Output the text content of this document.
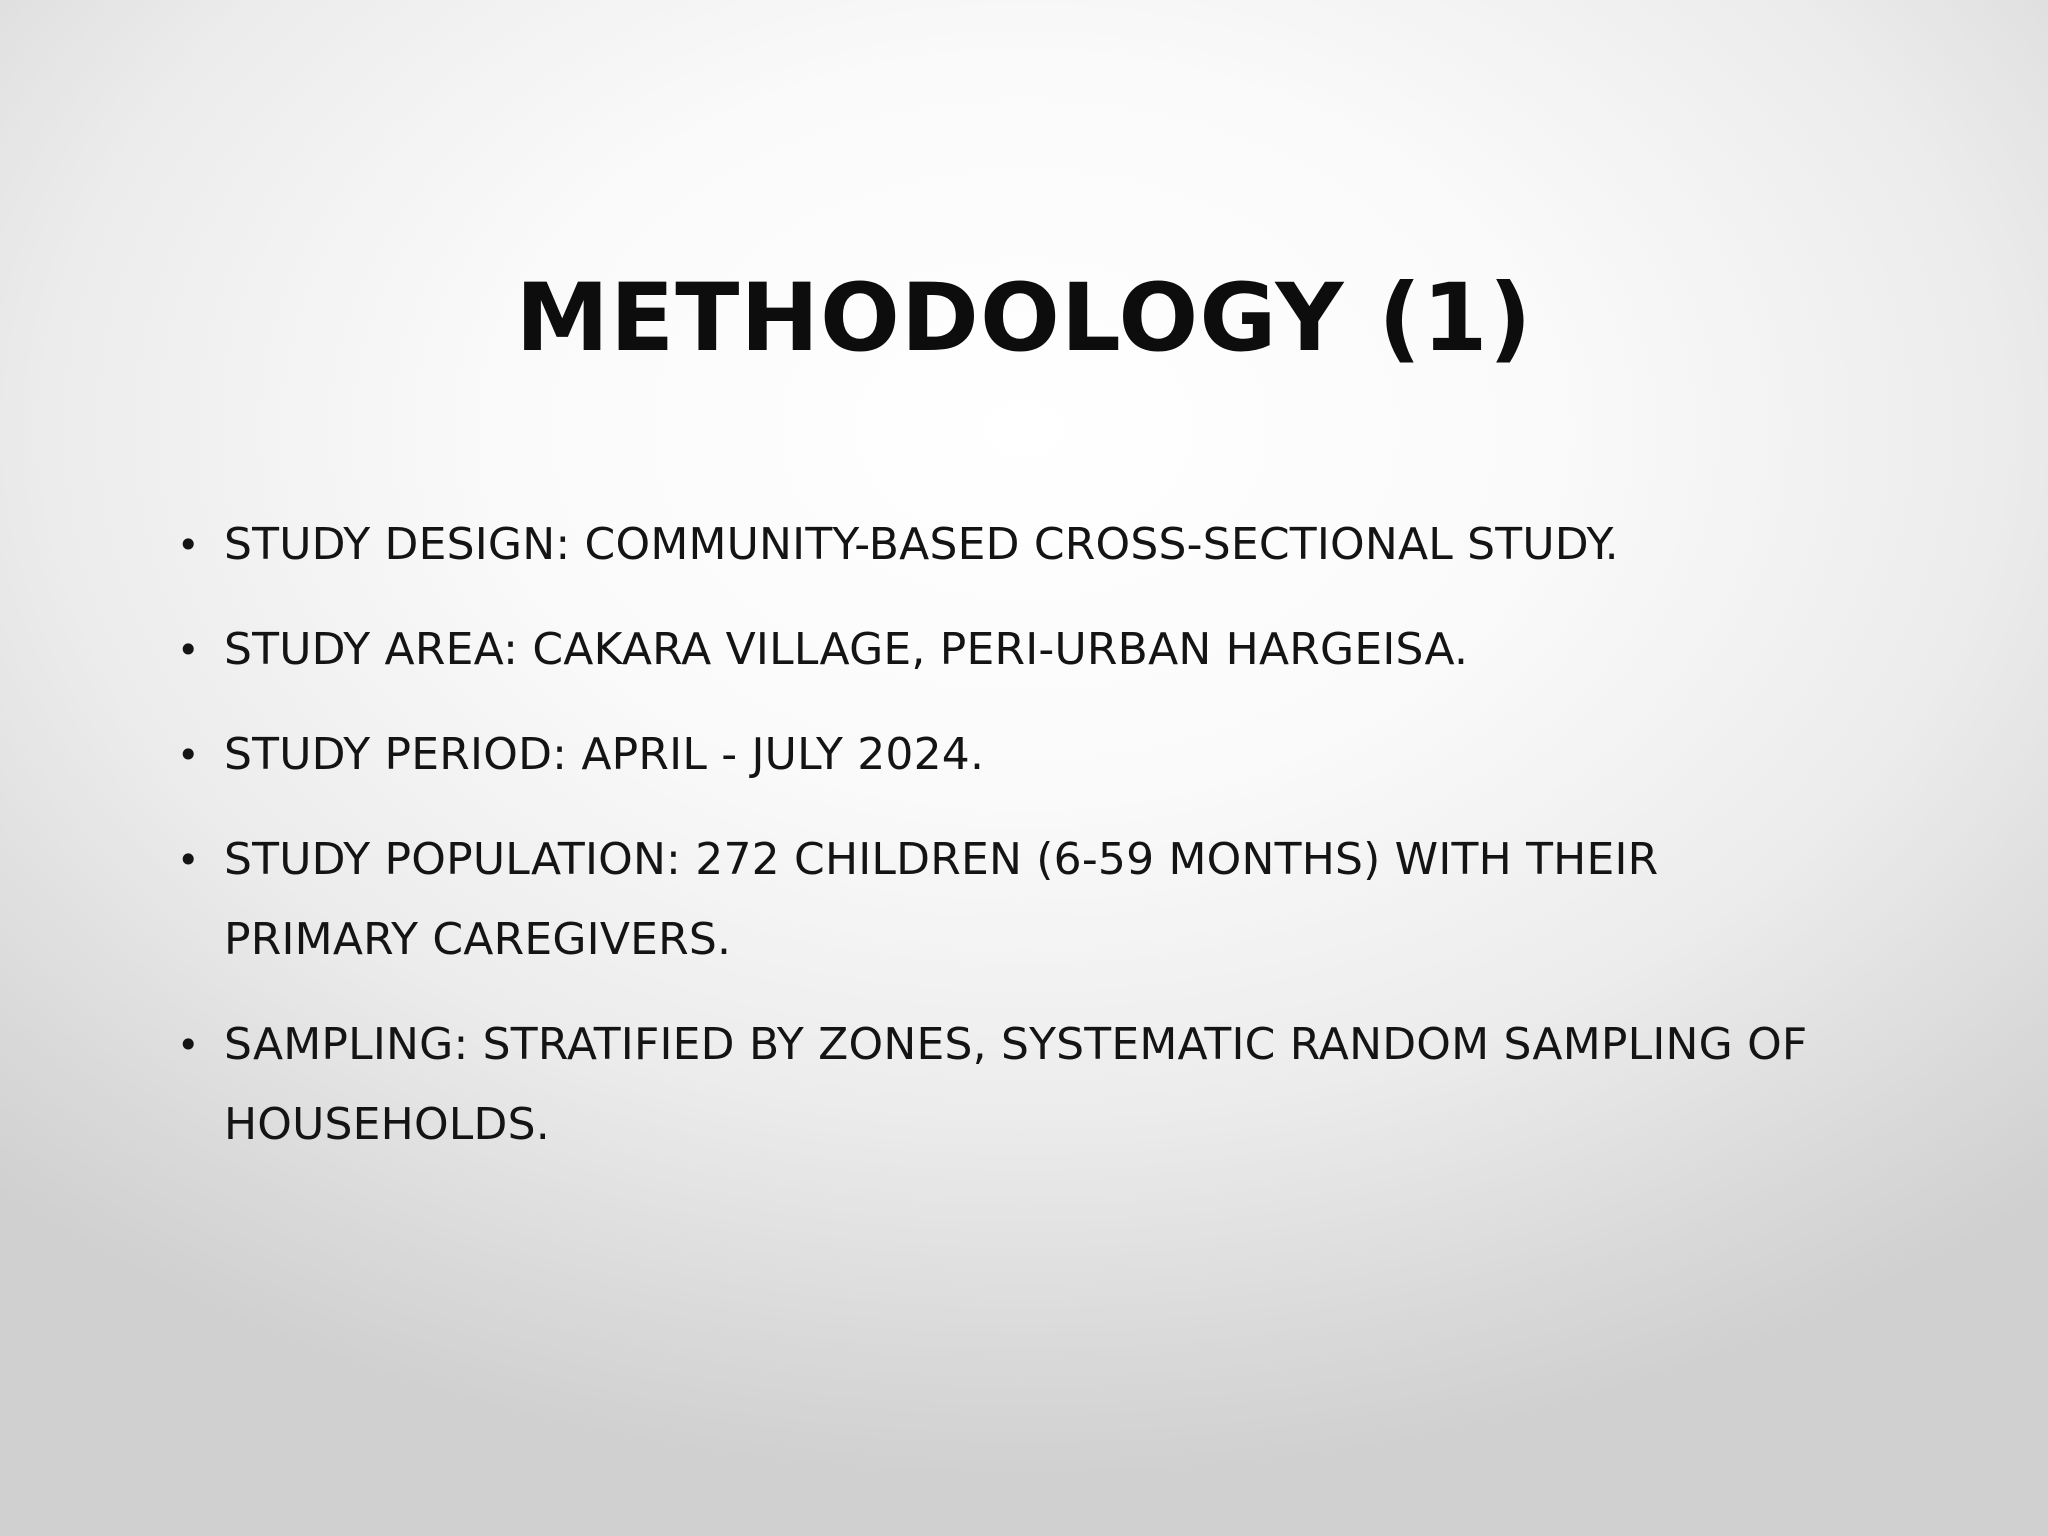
METHODOLOGY (1)
• STUDY DESIGN: COMMUNITY-BASED CROSS-SECTIONAL STUDY.
• STUDY AREA: CAKARA VILLAGE, PERI-URBAN HARGEISA.
• STUDY PERIOD: APRIL - JULY 2024.
• STUDY POPULATION: 272 CHILDREN (6-59 MONTHS) WITH THEIR PRIMARY CAREGIVERS.
• SAMPLING: STRATIFIED BY ZONES, SYSTEMATIC RANDOM SAMPLING OF HOUSEHOLDS.
